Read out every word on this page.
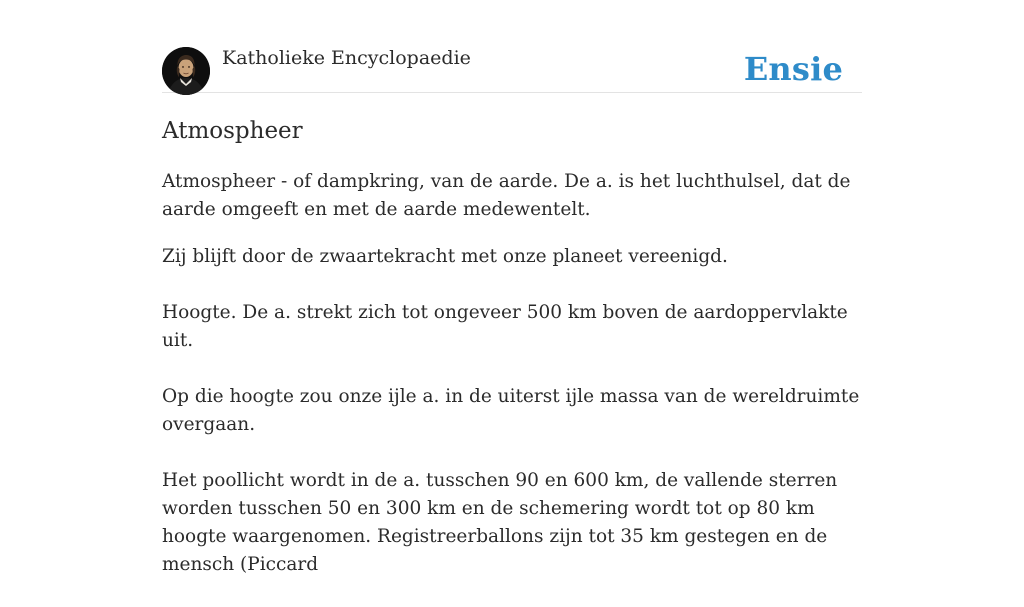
Katholieke Encyclopaedie	Ensie
Atmospheer

Atmospheer - of dampkring, van de aarde. De a. is het luchthulsel, dat de aarde omgeeft en met de aarde medewentelt.

Zij blijft door de zwaartekracht met onze planeet vereenigd.

Hoogte. De a. strekt zich tot ongeveer 500 km boven de aardoppervlakte uit.

Op die hoogte zou onze ijle a. in de uiterst ijle massa van de wereldruimte overgaan.

Het poollicht wordt in de a. tusschen 90 en 600 km, de vallende sterren worden tusschen 50 en 300 km en de schemering wordt tot op 80 km hoogte waargenomen. Registreerballons zijn tot 35 km gestegen en de mensch (Piccard
